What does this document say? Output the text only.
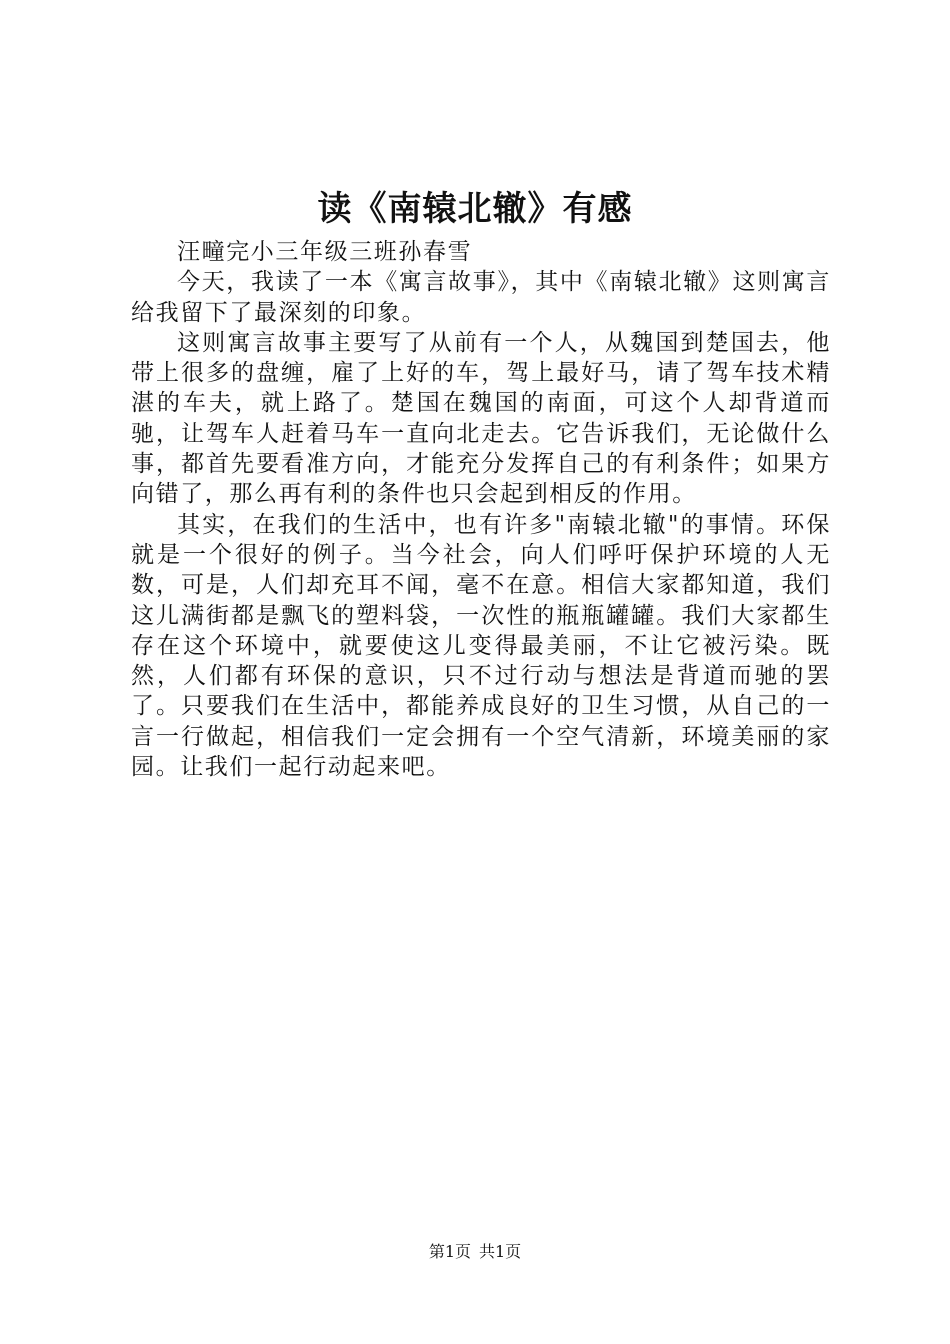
读《南辕北辙》有感

汪疃完小三年级三班孙春雪

今天，我读了一本《寓言故事》，其中《南辕北辙》这则寓言给我留下了最深刻的印象。

这则寓言故事主要写了从前有一个人，从魏国到楚国去，他带上很多的盘缠，雇了上好的车，驾上最好马，请了驾车技术精湛的车夫，就上路了。楚国在魏国的南面，可这个人却背道而驰，让驾车人赶着马车一直向北走去。它告诉我们，无论做什么事，都首先要看准方向，才能充分发挥自己的有利条件；如果方向错了，那么再有利的条件也只会起到相反的作用。

其实，在我们的生活中，也有许多"南辕北辙"的事情。环保就是一个很好的例子。当今社会，向人们呼吁保护环境的人无数，可是，人们却充耳不闻，毫不在意。相信大家都知道，我们这儿满街都是飘飞的塑料袋，一次性的瓶瓶罐罐。我们大家都生存在这个环境中，就要使这儿变得最美丽，不让它被污染。既然，人们都有环保的意识，只不过行动与想法是背道而驰的罢了。只要我们在生活中，都能养成良好的卫生习惯，从自己的一言一行做起，相信我们一定会拥有一个空气清新，环境美丽的家园。让我们一起行动起来吧。

第1页 共1页
